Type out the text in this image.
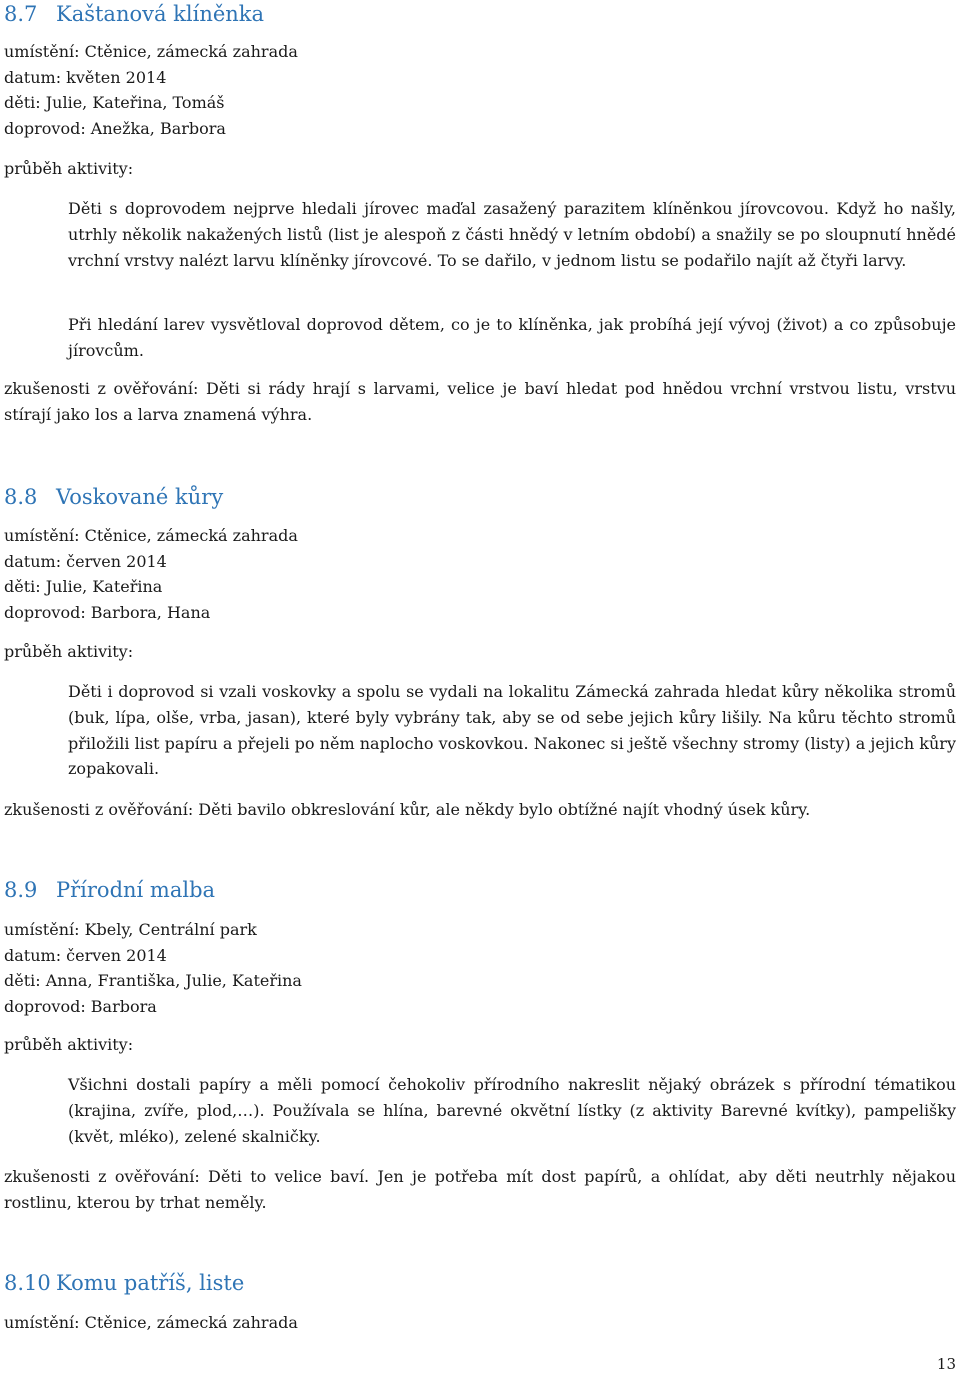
8.7 Kaštanová klíněnka
umístění: Ctěnice, zámecká zahrada
datum: květen 2014
děti: Julie, Kateřina, Tomáš
doprovod: Anežka, Barbora
průběh aktivity:

Děti s doprovodem nejprve hledali jírovec maďal zasažený parazitem klíněnkou jírovcovou. Když ho našly, utrhly několik nakažených listů (list je alespoň z části hnědý v letním období) a snažily se po sloupnutí hnědé vrchní vrstvy nalézt larvu klíněnky jírovcové. To se dařilo, v jednom listu se podařilo najít až čtyři larvy.

Při hledání larev vysvětloval doprovod dětem, co je to klíněnka, jak probíhá její vývoj (život) a co způsobuje jírovcům.

zkušenosti z ověřování: Děti si rády hrají s larvami, velice je baví hledat pod hnědou vrchní vrstvou listu, vrstvu stírají jako los a larva znamená výhra.

8.8 Voskované kůry
umístění: Ctěnice, zámecká zahrada
datum: červen 2014
děti: Julie, Kateřina
doprovod: Barbora, Hana
průběh aktivity:

Děti i doprovod si vzali voskovky a spolu se vydali na lokalitu Zámecká zahrada hledat kůry několika stromů (buk, lípa, olše, vrba, jasan), které byly vybrány tak, aby se od sebe jejich kůry lišily. Na kůru těchto stromů přiložili list papíru a přejeli po něm naplocho voskovkou. Nakonec si ještě všechny stromy (listy) a jejich kůry zopakovali.

zkušenosti z ověřování: Děti bavilo obkreslování kůr, ale někdy bylo obtížné najít vhodný úsek kůry.

8.9 Přírodní malba
umístění: Kbely, Centrální park
datum: červen 2014
děti: Anna, Františka, Julie, Kateřina
doprovod: Barbora
průběh aktivity:

Všichni dostali papíry a měli pomocí čehokoliv přírodního nakreslit nějaký obrázek s přírodní tématikou (krajina, zvíře, plod,…). Používala se hlína, barevné okvětní lístky (z aktivity Barevné kvítky), pampelišky (květ, mléko), zelené skalničky.

zkušenosti z ověřování: Děti to velice baví. Jen je potřeba mít dost papírů, a ohlídat, aby děti neutrhly nějakou rostlinu, kterou by trhat neměly.

8.10 Komu patříš, liste
umístění: Ctěnice, zámecká zahrada
13
